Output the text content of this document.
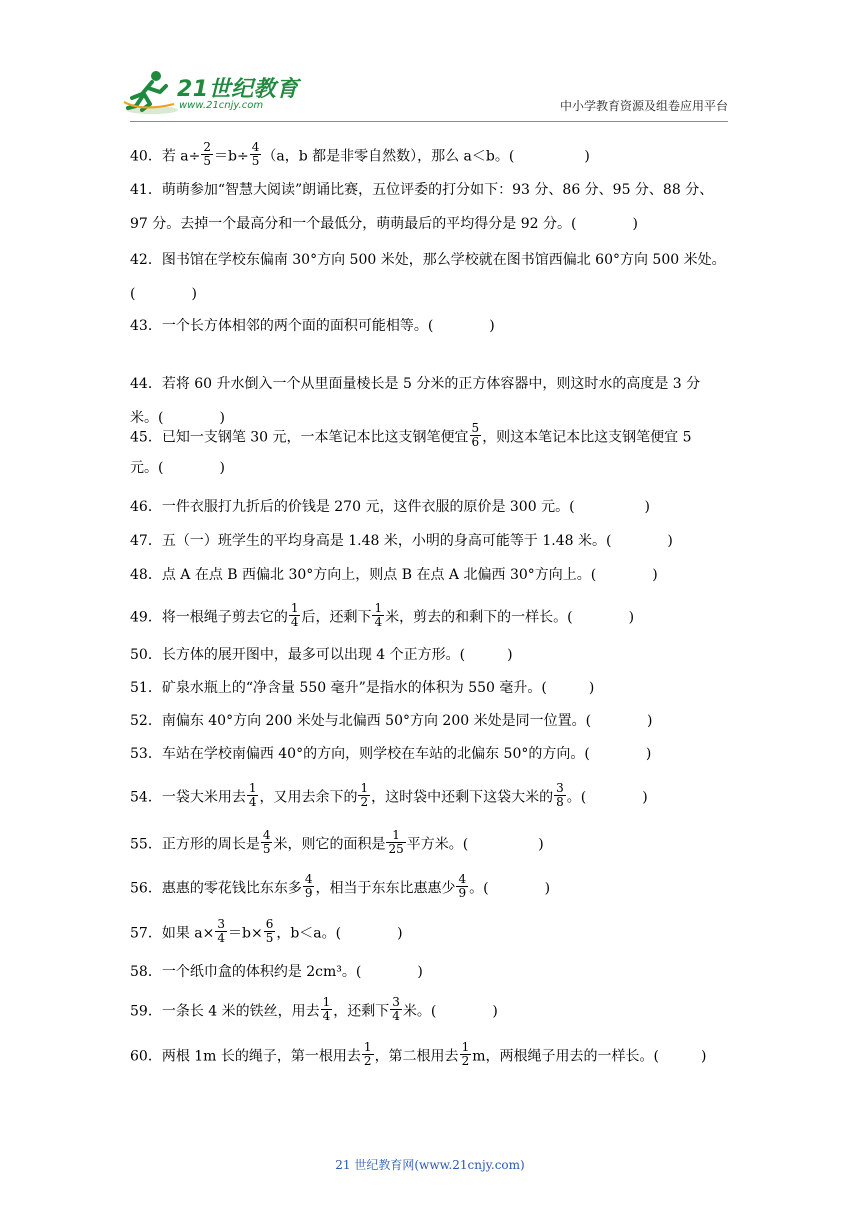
21世纪教育
www.21cnjy.com	中小学教育资源及组卷应用平台
40．若 $a\div \frac{2}{5} =b\div \frac{4}{5} (a$，b 都是非零自然数），那么 a＜b。(　　　　　)
41．萌萌参加“智慧大阅读”朗诵比赛，五位评委的打分如下：93 分、86 分、95 分、88 分、
97 分。去掉一个最高分和一个最低分，萌萌最后的平均得分是 92 分。(　　　　)
42．图书馆在学校东偏南 30°方向 500 米处，那么学校就在图书馆西偏北 60°方向 500 米处。
(　　　　)
43．一个长方体相邻的两个面的面积可能相等。(　　　　)
44．若将 60 升水倒入一个从里面量棱长是 5 分米的正方体容器中，则这时水的高度是 3 分
米。(　　　　)
45．已知一支钢笔 30 元，一本笔记本比这支钢笔便宜 $\frac{5}{6}$ ，则这本笔记本比这支钢笔便宜 5
元。(　　　　)
46．一件衣服打九折后的价钱是 270 元，这件衣服的原价是 300 元。(　　　　　)
47．五（一）班学生的平均身高是 1.48 米，小明的身高可能等于 1.48 米。(　　　　)
48．点 A 在点 B 西偏北 30°方向上，则点 B 在点 A 北偏西 30°方向上。(　　　　)
49．将一根绳子剪去它的 $\frac{1}{4}$ 后，还剩下 $\frac{1}{4}$ 米，剪去的和剩下的一样长。(　　　　)
50．长方体的展开图中，最多可以出现 4 个正方形。(　　　)
51．矿泉水瓶上的“净含量 550 毫升”是指水的体积为 550 毫升。(　　　)
52．南偏东 40°方向 200 米处与北偏西 50°方向 200 米处是同一位置。(　　　　)
53．车站在学校南偏西 40°的方向，则学校在车站的北偏东 50°的方向。(　　　　)
54．一袋大米用去 $\frac{1}{4}$ ，又用去余下的 $\frac{1}{2}$ ，这时袋中还剩下这袋大米的 $\frac{3}{8}$ 。(　　　　)
55．正方形的周长是 $\frac{4}{5}$ 米，则它的面积是 $\frac{1}{25}$ 平方米。(　　　　　)
56．惠惠的零花钱比东东多 $\frac{4}{9}$ ，相当于东东比惠惠少 $\frac{4}{9}$ 。(　　　　)
57．如果 $a\times \frac{3}{4} =b\times \frac{6}{5}$ ，b＜a。(　　　　)
58．一个纸巾盒的体积约是 2cm³。(　　　　)
59．一条长 4 米的铁丝，用去 $\frac{1}{4}$ ，还剩下 $\frac{3}{4}$ 米。(　　　　)
60．两根 1m 长的绳子，第一根用去 $\frac{1}{2}$ ，第二根用去 $\frac{1}{2}$ m，两根绳子用去的一样长。(　　　)
21 世纪教育网(www.21cnjy.com)
